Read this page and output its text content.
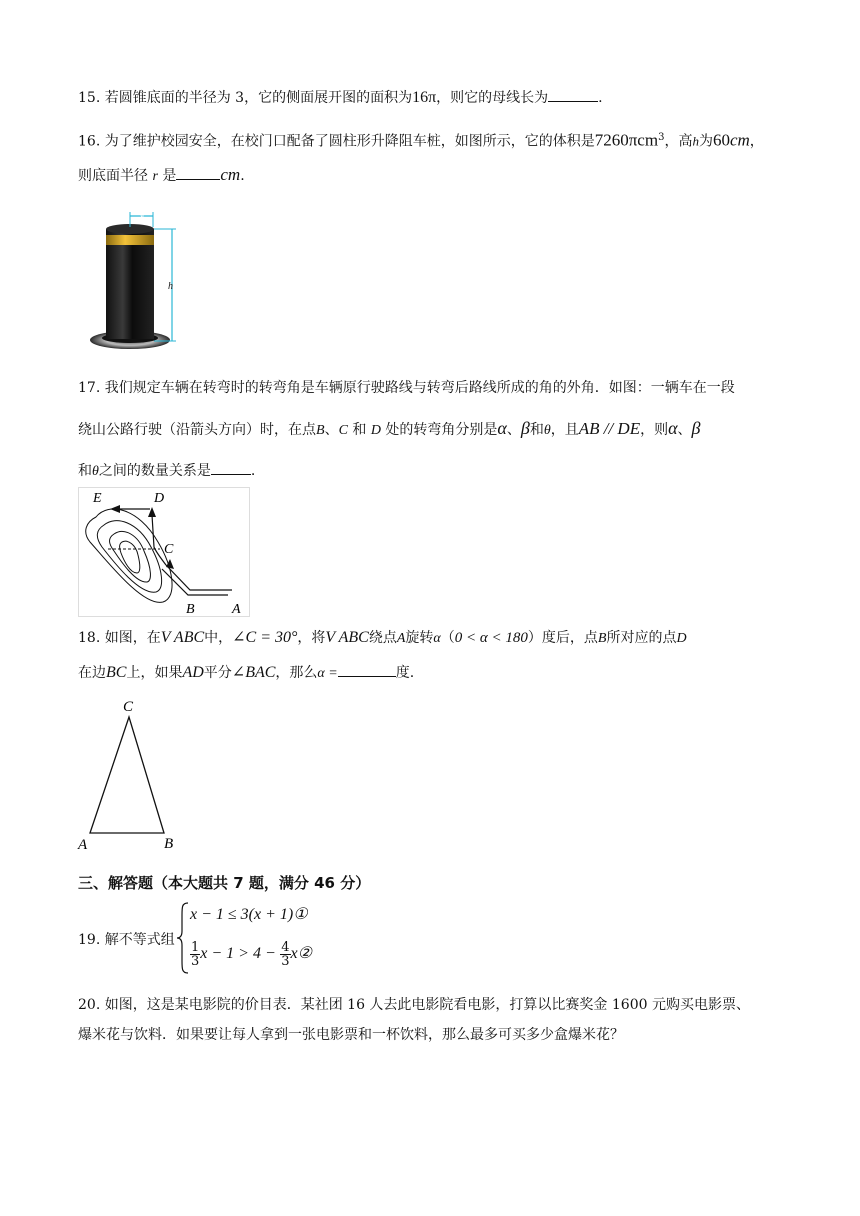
15. 若圆锥底面的半径为 3，它的侧面展开图的面积为16π，则它的母线长为	.
16. 为了维护校园安全，在校门口配备了圆柱形升降阻车桩，如图所示，它的体积是7260πcm$^3$，高h为60cm，
则底面半径 r 是	cm.
r
h
17. 我们规定车辆在转弯时的转弯角是车辆原行驶路线与转弯后路线所成的角的外角．如图：一辆车在一段
绕山公路行驶（沿箭头方向）时，在点B、C 和 D 处的转弯角分别是α、β和θ，且AB // DE，则α、β
和θ之间的数量关系是	.
E	D
C
B	A
18. 如图，在V ABC中，∠C = 30°，将V ABC绕点A旋转α（0 < α < 180）度后，点B所对应的点D
在边BC上，如果AD平分∠BAC，那么α =	度.
C
A	B
三、解答题（本大题共 7 题，满分 46 分）
19. 解不等式组
x − 1 ≤ 3(x + 1)①
$\frac{1}{3}$ $x - 1 > 4 - \frac{4}{3}$ x②
20. 如图，这是某电影院的价目表．某社团 16 人去此电影院看电影，打算以比赛奖金 1600 元购买电影票、
爆米花与饮料．如果要让每人拿到一张电影票和一杯饮料，那么最多可买多少盒爆米花？
